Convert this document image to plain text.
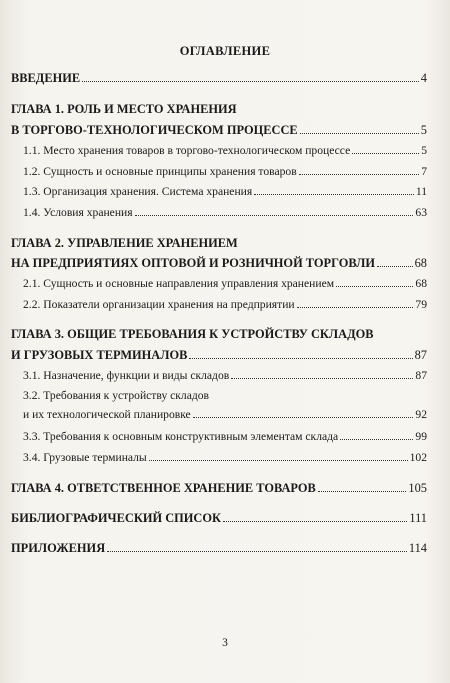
ОГЛАВЛЕНИЕ
ВВЕДЕНИЕ	4
ГЛАВА 1. РОЛЬ И МЕСТО ХРАНЕНИЯ
В ТОРГОВО-ТЕХНОЛОГИЧЕСКОМ ПРОЦЕССЕ	5
1.1. Место хранения товаров в торгово-технологическом процессе	5
1.2. Сущность и основные принципы хранения товаров	7
1.3. Организация хранения. Система хранения	11
1.4. Условия хранения	63
ГЛАВА 2. УПРАВЛЕНИЕ ХРАНЕНИЕМ
НА ПРЕДПРИЯТИЯХ ОПТОВОЙ И РОЗНИЧНОЙ ТОРГОВЛИ	68
2.1. Сущность и основные направления управления хранением	68
2.2. Показатели организации хранения на предприятии	79
ГЛАВА 3. ОБЩИЕ ТРЕБОВАНИЯ К УСТРОЙСТВУ СКЛАДОВ
И ГРУЗОВЫХ ТЕРМИНАЛОВ	87
3.1. Назначение, функции и виды складов	87
3.2. Требования к устройству складов
и их технологической планировке	92
3.3. Требования к основным конструктивным элементам склада	99
3.4. Грузовые терминалы	102
ГЛАВА 4. ОТВЕТСТВЕННОЕ ХРАНЕНИЕ ТОВАРОВ	105
БИБЛИОГРАФИЧЕСКИЙ СПИСОК	111
ПРИЛОЖЕНИЯ	114
3
